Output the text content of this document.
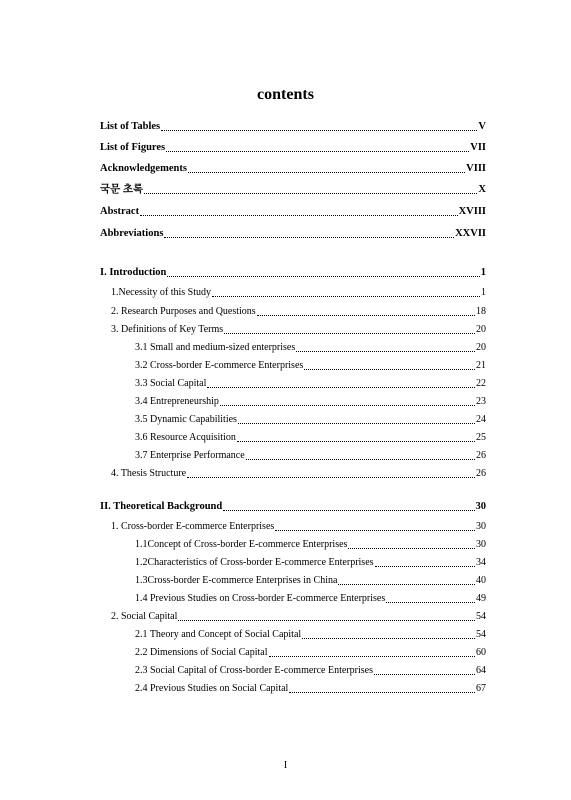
contents
List of Tables	V
List of Figures	VII
Acknowledgements	VIII
국문 초록	X
Abstract	XVIII
Abbreviations	XXVII
I. Introduction	1
1.Necessity of this Study	1
2. Research Purposes and Questions	18
3. Definitions of Key Terms	20
3.1 Small and medium-sized enterprises	20
3.2 Cross-border E-commerce Enterprises	21
3.3 Social Capital	22
3.4 Entrepreneurship	23
3.5 Dynamic Capabilities	24
3.6 Resource Acquisition	25
3.7 Enterprise Performance	26
4. Thesis Structure	26
II. Theoretical Background	30
1. Cross-border E-commerce Enterprises	30
1.1Concept of Cross-border E-commerce Enterprises	30
1.2Characteristics of Cross-border E-commerce Enterprises	34
1.3Cross-border E-commerce Enterprises in China	40
1.4 Previous Studies on Cross-border E-commerce Enterprises	49
2. Social Capital	54
2.1 Theory and Concept of Social Capital	54
2.2 Dimensions of Social Capital	60
2.3 Social Capital of Cross-border E-commerce Enterprises	64
2.4 Previous Studies on Social Capital	67
I
